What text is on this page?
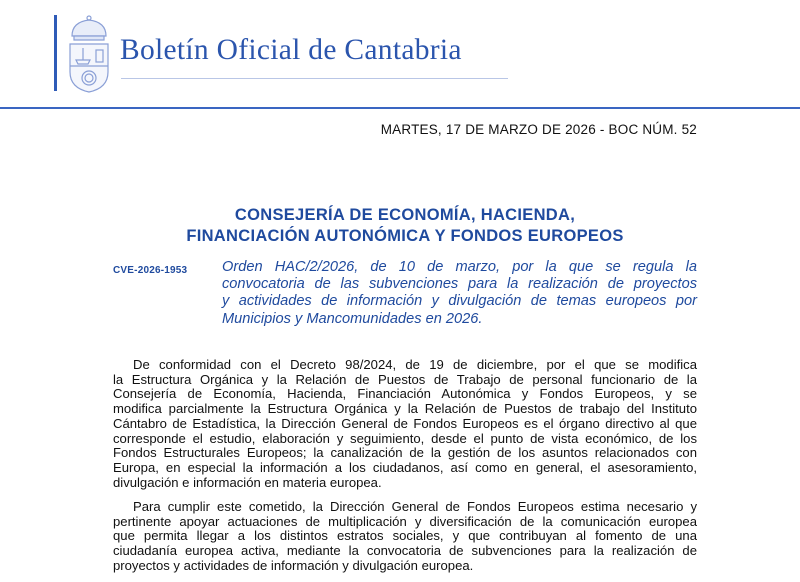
Boletín Oficial de Cantabria
MARTES, 17 DE MARZO DE 2026 - BOC NÚM. 52
CONSEJERÍA DE ECONOMÍA, HACIENDA,
FINANCIACIÓN AUTONÓMICA Y FONDOS EUROPEOS
CVE-2026-1953 Orden HAC/2/2026, de 10 de marzo, por la que se regula la
convocatoria de las subvenciones para la realización de proyectos
y actividades de información y divulgación de temas europeos por
Municipios y Mancomunidades en 2026.
De conformidad con el Decreto 98/2024, de 19 de diciembre, por el que se modifica
la Estructura Orgánica y la Relación de Puestos de Trabajo de personal funcionario de la
Consejería de Economía, Hacienda, Financiación Autonómica y Fondos Europeos, y se
modifica parcialmente la Estructura Orgánica y la Relación de Puestos de trabajo del Instituto
Cántabro de Estadística, la Dirección General de Fondos Europeos es el órgano directivo al que
corresponde el estudio, elaboración y seguimiento, desde el punto de vista económico, de los
Fondos Estructurales Europeos; la canalización de la gestión de los asuntos relacionados con
Europa, en especial la información a los ciudadanos, así como en general, el asesoramiento,
divulgación e información en materia europea.
Para cumplir este cometido, la Dirección General de Fondos Europeos estima necesario y
pertinente apoyar actuaciones de multiplicación y diversificación de la comunicación europea
que permita llegar a los distintos estratos sociales, y que contribuyan al fomento de una
ciudadanía europea activa, mediante la convocatoria de subvenciones para la realización de
proyectos y actividades de información y divulgación europea.
